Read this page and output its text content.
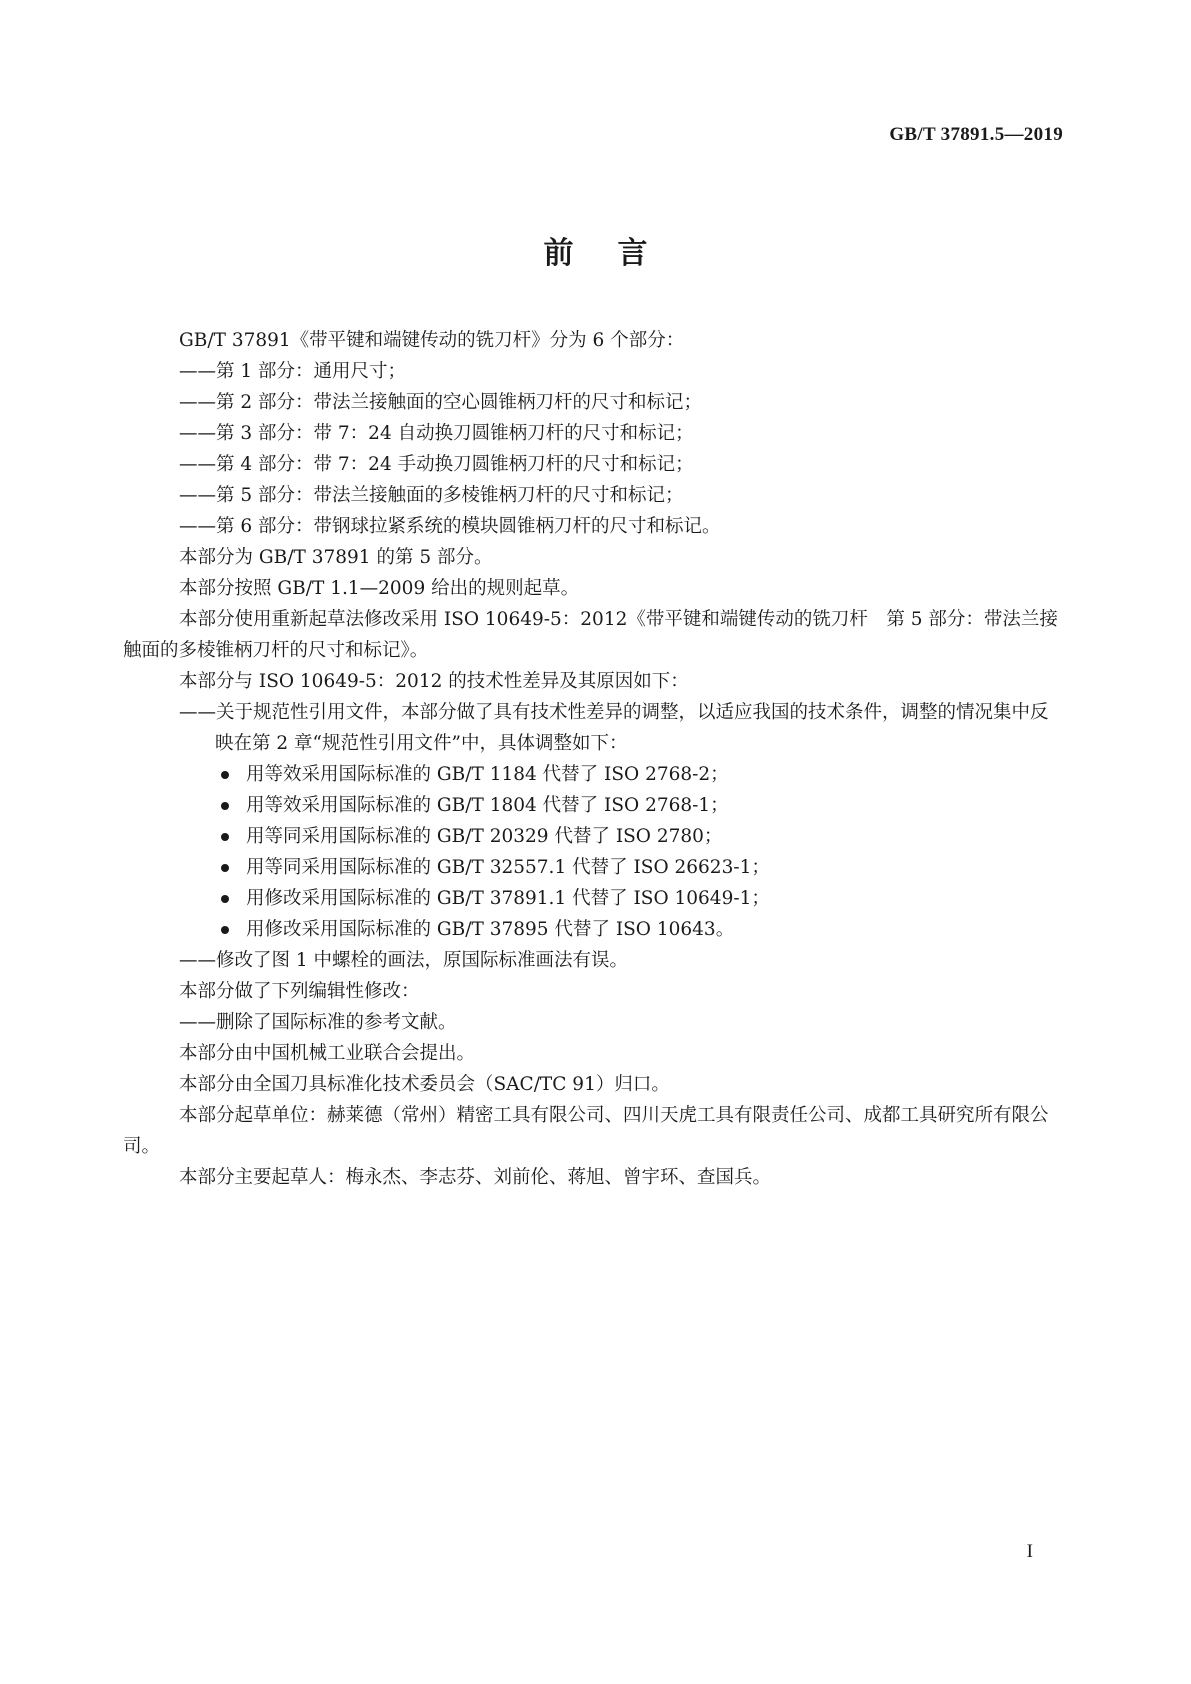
GB/T 37891.5—2019
前言

GB/T 37891《带平键和端键传动的铣刀杆》分为 6 个部分：

——第 1 部分：通用尺寸；

——第 2 部分：带法兰接触面的空心圆锥柄刀杆的尺寸和标记；

——第 3 部分：带 7：24 自动换刀圆锥柄刀杆的尺寸和标记；

——第 4 部分：带 7：24 手动换刀圆锥柄刀杆的尺寸和标记；

——第 5 部分：带法兰接触面的多棱锥柄刀杆的尺寸和标记；

——第 6 部分：带钢球拉紧系统的模块圆锥柄刀杆的尺寸和标记。

本部分为 GB/T 37891 的第 5 部分。

本部分按照 GB/T 1.1—2009 给出的规则起草。

本部分使用重新起草法修改采用 ISO 10649-5：2012《带平键和端键传动的铣刀杆　第 5 部分：带法兰接触面的多棱锥柄刀杆的尺寸和标记》。

本部分与 ISO 10649-5：2012 的技术性差异及其原因如下：

——关于规范性引用文件，本部分做了具有技术性差异的调整，以适应我国的技术条件，调整的情况集中反映在第 2 章“规范性引用文件”中，具体调整如下：

用等效采用国际标准的 GB/T 1184 代替了 ISO 2768-2；

用等效采用国际标准的 GB/T 1804 代替了 ISO 2768-1；

用等同采用国际标准的 GB/T 20329 代替了 ISO 2780；

用等同采用国际标准的 GB/T 32557.1 代替了 ISO 26623-1；

用修改采用国际标准的 GB/T 37891.1 代替了 ISO 10649-1；

用修改采用国际标准的 GB/T 37895 代替了 ISO 10643。

——修改了图 1 中螺栓的画法，原国际标准画法有误。

本部分做了下列编辑性修改：

——删除了国际标准的参考文献。

本部分由中国机械工业联合会提出。

本部分由全国刀具标准化技术委员会（SAC/TC 91）归口。

本部分起草单位：赫莱德（常州）精密工具有限公司、四川天虎工具有限责任公司、成都工具研究所有限公司。

本部分主要起草人：梅永杰、李志芬、刘前伦、蒋旭、曾宇环、查国兵。

I
